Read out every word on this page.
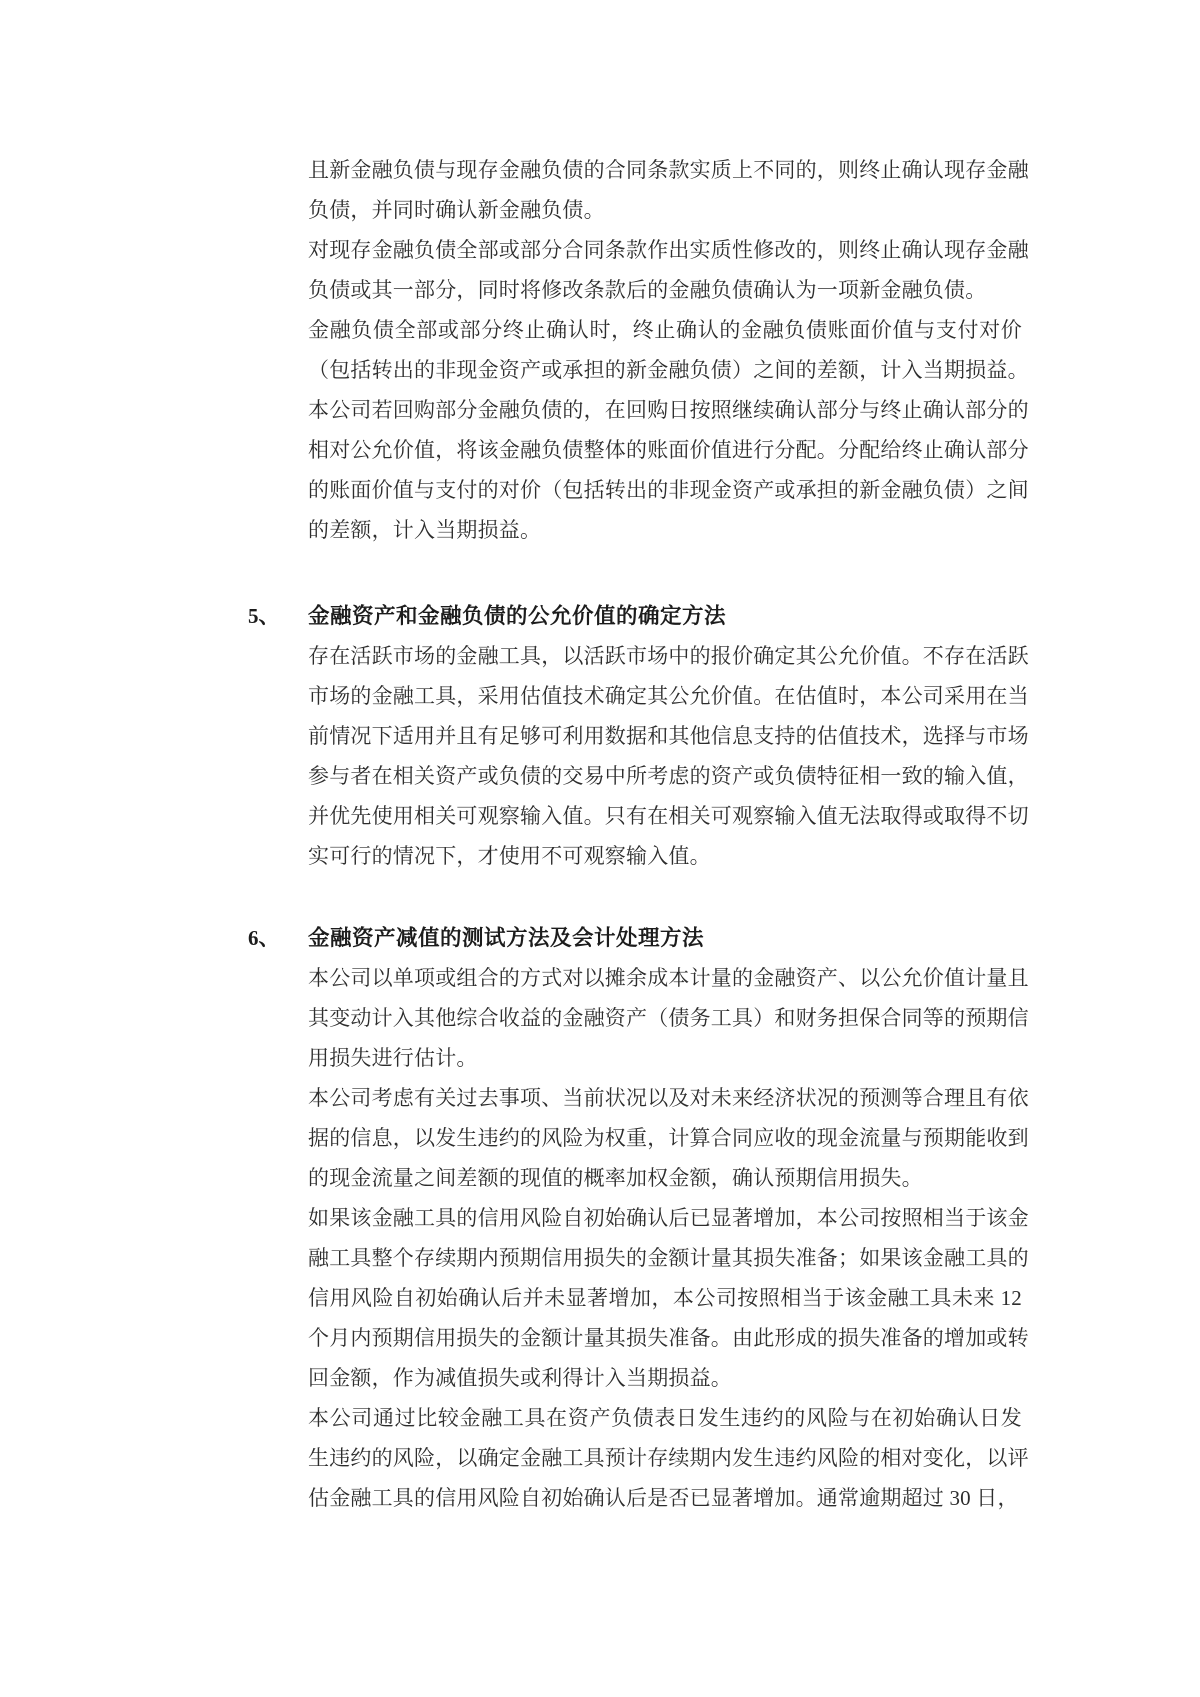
且新金融负债与现存金融负债的合同条款实质上不同的，则终止确认现存金融
负债，并同时确认新金融负债。
对现存金融负债全部或部分合同条款作出实质性修改的，则终止确认现存金融
负债或其一部分，同时将修改条款后的金融负债确认为一项新金融负债。
金融负债全部或部分终止确认时，终止确认的金融负债账面价值与支付对价
（包括转出的非现金资产或承担的新金融负债）之间的差额，计入当期损益。
本公司若回购部分金融负债的，在回购日按照继续确认部分与终止确认部分的
相对公允价值，将该金融负债整体的账面价值进行分配。分配给终止确认部分
的账面价值与支付的对价（包括转出的非现金资产或承担的新金融负债）之间
的差额，计入当期损益。
5、 金融资产和金融负债的公允价值的确定方法
存在活跃市场的金融工具，以活跃市场中的报价确定其公允价值。不存在活跃
市场的金融工具，采用估值技术确定其公允价值。在估值时，本公司采用在当
前情况下适用并且有足够可利用数据和其他信息支持的估值技术，选择与市场
参与者在相关资产或负债的交易中所考虑的资产或负债特征相一致的输入值，
并优先使用相关可观察输入值。只有在相关可观察输入值无法取得或取得不切
实可行的情况下，才使用不可观察输入值。
6、 金融资产减值的测试方法及会计处理方法
本公司以单项或组合的方式对以摊余成本计量的金融资产、以公允价值计量且
其变动计入其他综合收益的金融资产（债务工具）和财务担保合同等的预期信
用损失进行估计。
本公司考虑有关过去事项、当前状况以及对未来经济状况的预测等合理且有依
据的信息，以发生违约的风险为权重，计算合同应收的现金流量与预期能收到
的现金流量之间差额的现值的概率加权金额，确认预期信用损失。
如果该金融工具的信用风险自初始确认后已显著增加，本公司按照相当于该金
融工具整个存续期内预期信用损失的金额计量其损失准备；如果该金融工具的
信用风险自初始确认后并未显著增加，本公司按照相当于该金融工具未来 12
个月内预期信用损失的金额计量其损失准备。由此形成的损失准备的增加或转
回金额，作为减值损失或利得计入当期损益。
本公司通过比较金融工具在资产负债表日发生违约的风险与在初始确认日发
生违约的风险，以确定金融工具预计存续期内发生违约风险的相对变化，以评
估金融工具的信用风险自初始确认后是否已显著增加。通常逾期超过 30 日，
